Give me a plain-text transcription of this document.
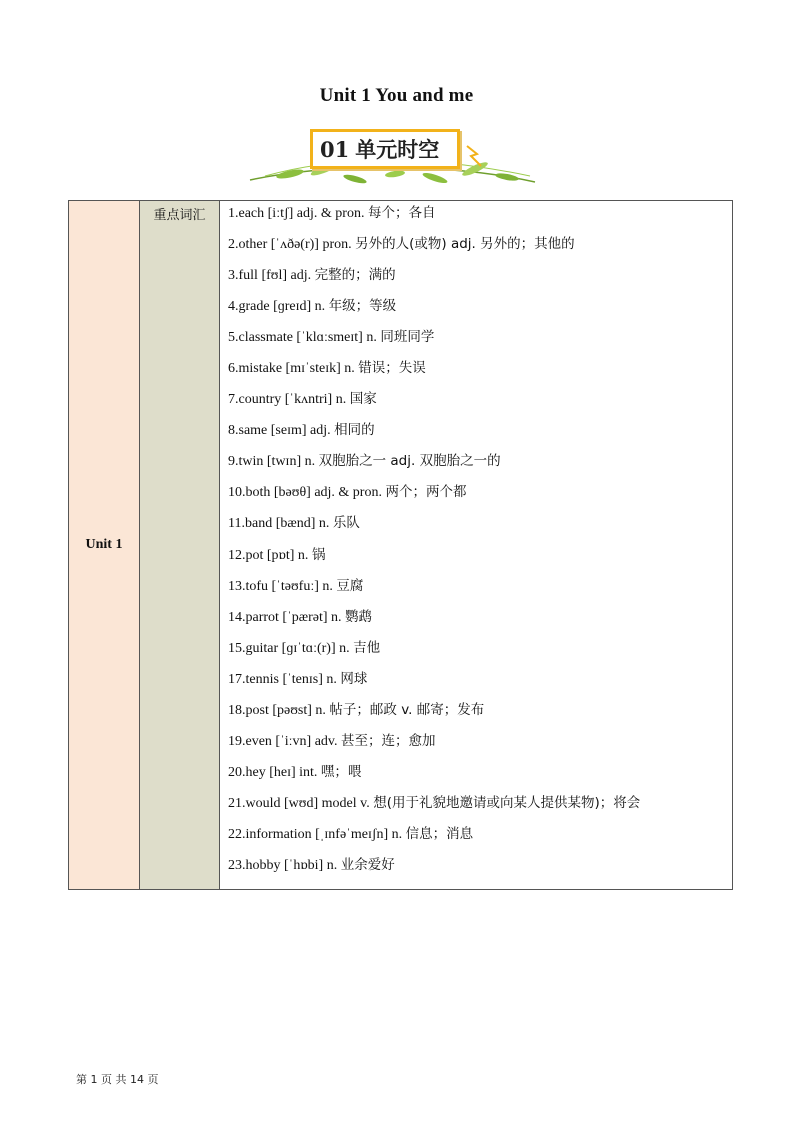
Unit 1 You and me
01 单元时空
Unit 1	重点词汇	1.each [iːtʃ] adj. & pron. 每个；各自
2.other [ˈʌðə(r)] pron. 另外的人(或物) adj. 另外的；其他的
3.full [fʊl] adj. 完整的；满的
4.grade [ɡreɪd] n. 年级；等级
5.classmate [ˈklɑːsmeɪt] n. 同班同学
6.mistake [mɪˈsteɪk] n. 错误；失误
7.country [ˈkʌntri] n. 国家
8.same [seɪm] adj. 相同的
9.twin [twɪn] n. 双胞胎之一 adj. 双胞胎之一的
10.both [bəʊθ] adj. & pron. 两个；两个都
11.band [bænd] n. 乐队
12.pot [pɒt] n. 锅
13.tofu [ˈtəʊfuː] n. 豆腐
14.parrot [ˈpærət] n. 鹦鹉
15.guitar [ɡɪˈtɑː(r)] n. 吉他
17.tennis [ˈtenɪs] n. 网球
18.post [pəʊst] n. 帖子；邮政 v. 邮寄；发布
19.even [ˈiːvn] adv. 甚至；连；愈加
20.hey [heɪ] int. 嘿；喂
21.would [wʊd] model v. 想(用于礼貌地邀请或向某人提供某物)；将会
22.information [ˌɪnfəˈmeɪʃn] n. 信息；消息
23.hobby [ˈhɒbi] n. 业余爱好
第 1 页 共 14 页
